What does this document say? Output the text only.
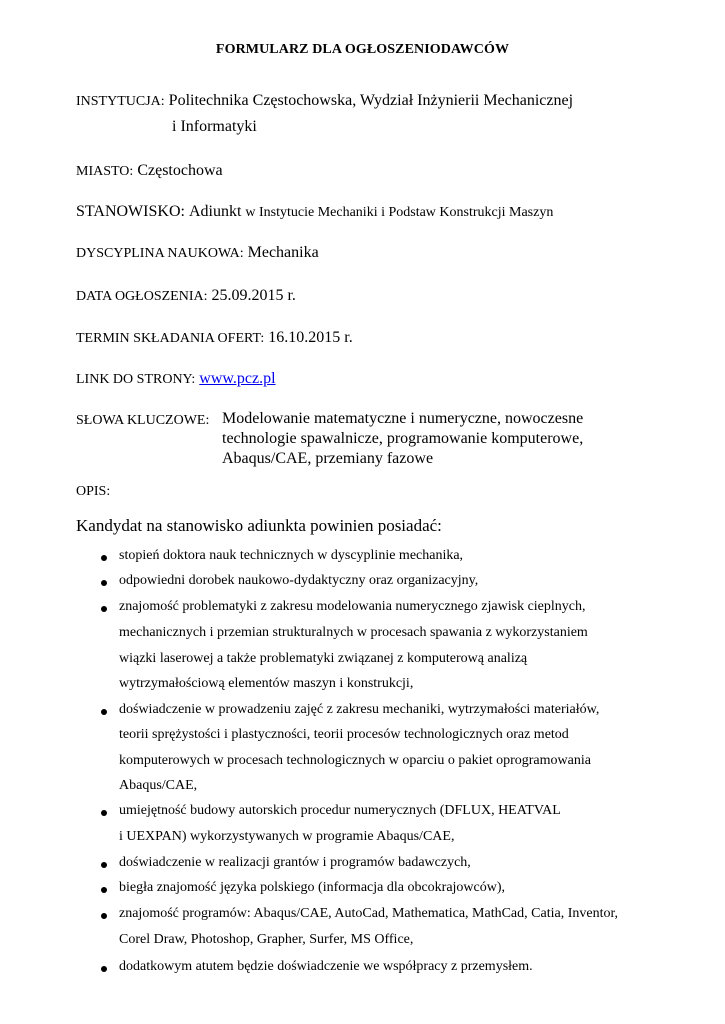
FORMULARZ DLA OGŁOSZENIODAWCÓW
INSTYTUCJA: Politechnika Częstochowska, Wydział Inżynierii Mechanicznej
i Informatyki
MIASTO: Częstochowa
STANOWISKO: Adiunkt w Instytucie Mechaniki i Podstaw Konstrukcji Maszyn
DYSCYPLINA NAUKOWA: Mechanika
DATA OGŁOSZENIA: 25.09.2015 r.
TERMIN SKŁADANIA OFERT: 16.10.2015 r.
LINK DO STRONY: www.pcz.pl
SŁOWA KLUCZOWE: Modelowanie matematyczne i numeryczne, nowoczesne
technologie spawalnicze, programowanie komputerowe,
Abaqus/CAE, przemiany fazowe
OPIS:
Kandydat na stanowisko adiunkta powinien posiadać:
stopień doktora nauk technicznych w dyscyplinie mechanika,
odpowiedni dorobek naukowo-dydaktyczny oraz organizacyjny,
znajomość problematyki z zakresu modelowania numerycznego zjawisk cieplnych,
mechanicznych i przemian strukturalnych w procesach spawania z wykorzystaniem
wiązki laserowej a także problematyki związanej z komputerową analizą
wytrzymałościową elementów maszyn i konstrukcji,
doświadczenie w prowadzeniu zajęć z zakresu mechaniki, wytrzymałości materiałów,
teorii sprężystości i plastyczności, teorii procesów technologicznych oraz metod
komputerowych w procesach technologicznych w oparciu o pakiet oprogramowania
Abaqus/CAE,
umiejętność budowy autorskich procedur numerycznych (DFLUX, HEATVAL
i UEXPAN) wykorzystywanych w programie Abaqus/CAE,
doświadczenie w realizacji grantów i programów badawczych,
biegła znajomość języka polskiego (informacja dla obcokrajowców),
znajomość programów: Abaqus/CAE, AutoCad, Mathematica, MathCad, Catia, Inventor,
Corel Draw, Photoshop, Grapher, Surfer, MS Office,
dodatkowym atutem będzie doświadczenie we współpracy z przemysłem.
